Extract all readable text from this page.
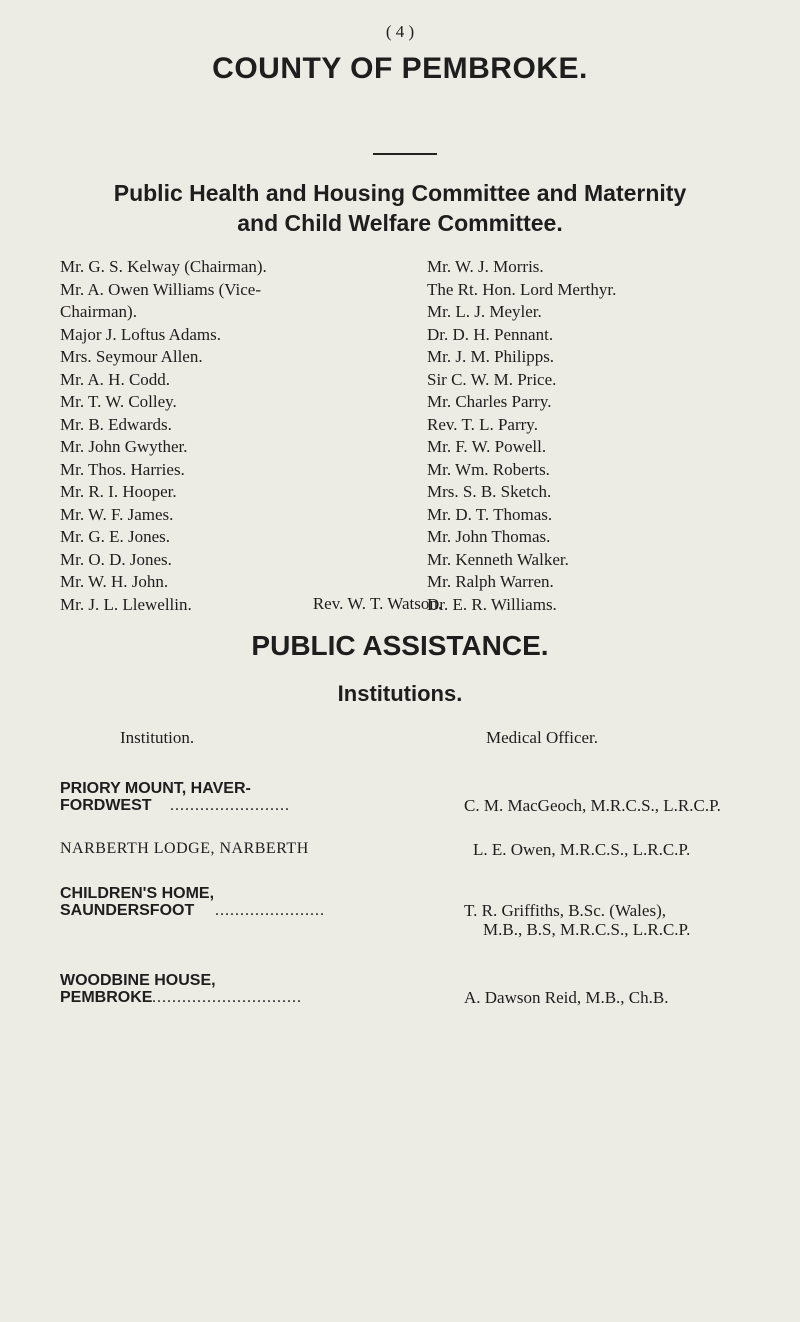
( 4 )
COUNTY OF PEMBROKE.
Public Health and Housing Committee and Maternity
and Child Welfare Committee.
Mr. G. S. Kelway (Chairman).
Mr. A. Owen Williams (Vice-
Chairman).
Major J. Loftus Adams.
Mrs. Seymour Allen.
Mr. A. H. Codd.
Mr. T. W. Colley.
Mr. B. Edwards.
Mr. John Gwyther.
Mr. Thos. Harries.
Mr. R. I. Hooper.
Mr. W. F. James.
Mr. G. E. Jones.
Mr. O. D. Jones.
Mr. W. H. John.
Mr. J. L. Llewellin.
Mr. W. J. Morris.
The Rt. Hon. Lord Merthyr.
Mr. L. J. Meyler.
Dr. D. H. Pennant.
Mr. J. M. Philipps.
Sir C. W. M. Price.
Mr. Charles Parry.
Rev. T. L. Parry.
Mr. F. W. Powell.
Mr. Wm. Roberts.
Mrs. S. B. Sketch.
Mr. D. T. Thomas.
Mr. John Thomas.
Mr. Kenneth Walker.
Mr. Ralph Warren.
Dr. E. R. Williams.
Rev. W. T. Watson.
PUBLIC ASSISTANCE.
Institutions.
Institution.	Medical Officer.
PRIORY MOUNT, HAVER-
FORDWEST	........................	C. M. MacGeoch, M.R.C.S., L.R.C.P.
NARBERTH LODGE, NARBERTH	L. E. Owen, M.R.C.S., L.R.C.P.
CHILDREN'S HOME,
SAUNDERSFOOT	......................	T. R. Griffiths, B.Sc. (Wales),
M.B., B.S, M.R.C.S., L.R.C.P.
WOODBINE HOUSE,
PEMBROKE ..............................	A. Dawson Reid, M.B., Ch.B.
